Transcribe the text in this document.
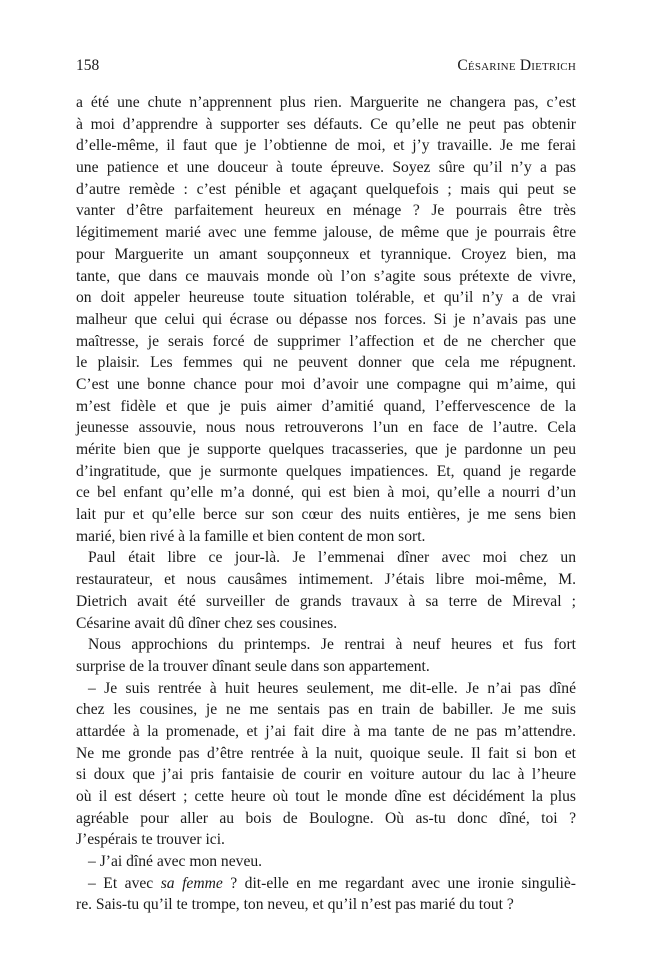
158	Césarine Dietrich
a été une chute n’apprennent plus rien. Marguerite ne changera pas, c’est
à moi d’apprendre à supporter ses défauts. Ce qu’elle ne peut pas obtenir
d’elle-même, il faut que je l’obtienne de moi, et j’y travaille. Je me ferai
une patience et une douceur à toute épreuve. Soyez sûre qu’il n’y a pas
d’autre remède : c’est pénible et agaçant quelquefois ; mais qui peut se
vanter d’être parfaitement heureux en ménage ? Je pourrais être très
légitimement marié avec une femme jalouse, de même que je pourrais être
pour Marguerite un amant soupçonneux et tyrannique. Croyez bien, ma
tante, que dans ce mauvais monde où l’on s’agite sous prétexte de vivre,
on doit appeler heureuse toute situation tolérable, et qu’il n’y a de vrai
malheur que celui qui écrase ou dépasse nos forces. Si je n’avais pas une
maîtresse, je serais forcé de supprimer l’affection et de ne chercher que
le plaisir. Les femmes qui ne peuvent donner que cela me répugnent.
C’est une bonne chance pour moi d’avoir une compagne qui m’aime, qui
m’est fidèle et que je puis aimer d’amitié quand, l’effervescence de la
jeunesse assouvie, nous nous retrouverons l’un en face de l’autre. Cela
mérite bien que je supporte quelques tracasseries, que je pardonne un peu
d’ingratitude, que je surmonte quelques impatiences. Et, quand je regarde
ce bel enfant qu’elle m’a donné, qui est bien à moi, qu’elle a nourri d’un
lait pur et qu’elle berce sur son cœur des nuits entières, je me sens bien
marié, bien rivé à la famille et bien content de mon sort.
Paul était libre ce jour-là. Je l’emmenai dîner avec moi chez un
restaurateur, et nous causâmes intimement. J’étais libre moi-même, M.
Dietrich avait été surveiller de grands travaux à sa terre de Mireval ;
Césarine avait dû dîner chez ses cousines.
Nous approchions du printemps. Je rentrai à neuf heures et fus fort
surprise de la trouver dînant seule dans son appartement.
– Je suis rentrée à huit heures seulement, me dit-elle. Je n’ai pas dîné
chez les cousines, je ne me sentais pas en train de babiller. Je me suis
attardée à la promenade, et j’ai fait dire à ma tante de ne pas m’attendre.
Ne me gronde pas d’être rentrée à la nuit, quoique seule. Il fait si bon et
si doux que j’ai pris fantaisie de courir en voiture autour du lac à l’heure
où il est désert ; cette heure où tout le monde dîne est décidément la plus
agréable pour aller au bois de Boulogne. Où as-tu donc dîné, toi ?
J’espérais te trouver ici.
– J’ai dîné avec mon neveu.
– Et avec sa femme ? dit-elle en me regardant avec une ironie singuliè-
re. Sais-tu qu’il te trompe, ton neveu, et qu’il n’est pas marié du tout ?
